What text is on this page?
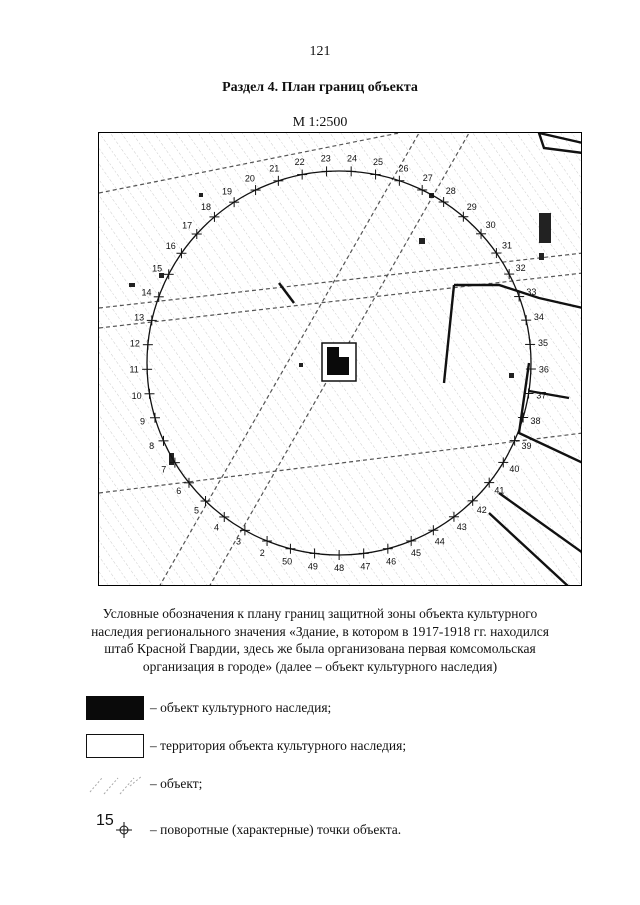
121
Раздел 4. План границ объекта
М 1:2500
2
3
4
5
6
7
8
9
10
11
12
13
14
15
16
17
18
19
20
21
22 23 24 25
26
27
28
29
30
31
32
33
34
35
36
37
38
39
40
41
42
43
44
45
46
47
48
49
50
Условные обозначения к плану границ защитной зоны объекта культурного наследия регионального значения «Здание, в котором в 1917-1918 гг. находился штаб Красной Гвардии, здесь же была организована первая комсомольская организация в городе» (далее – объект культурного наследия)
– объект культурного наследия;
– территория объекта культурного наследия;
– объект;
15
– поворотные (характерные) точки объекта.
